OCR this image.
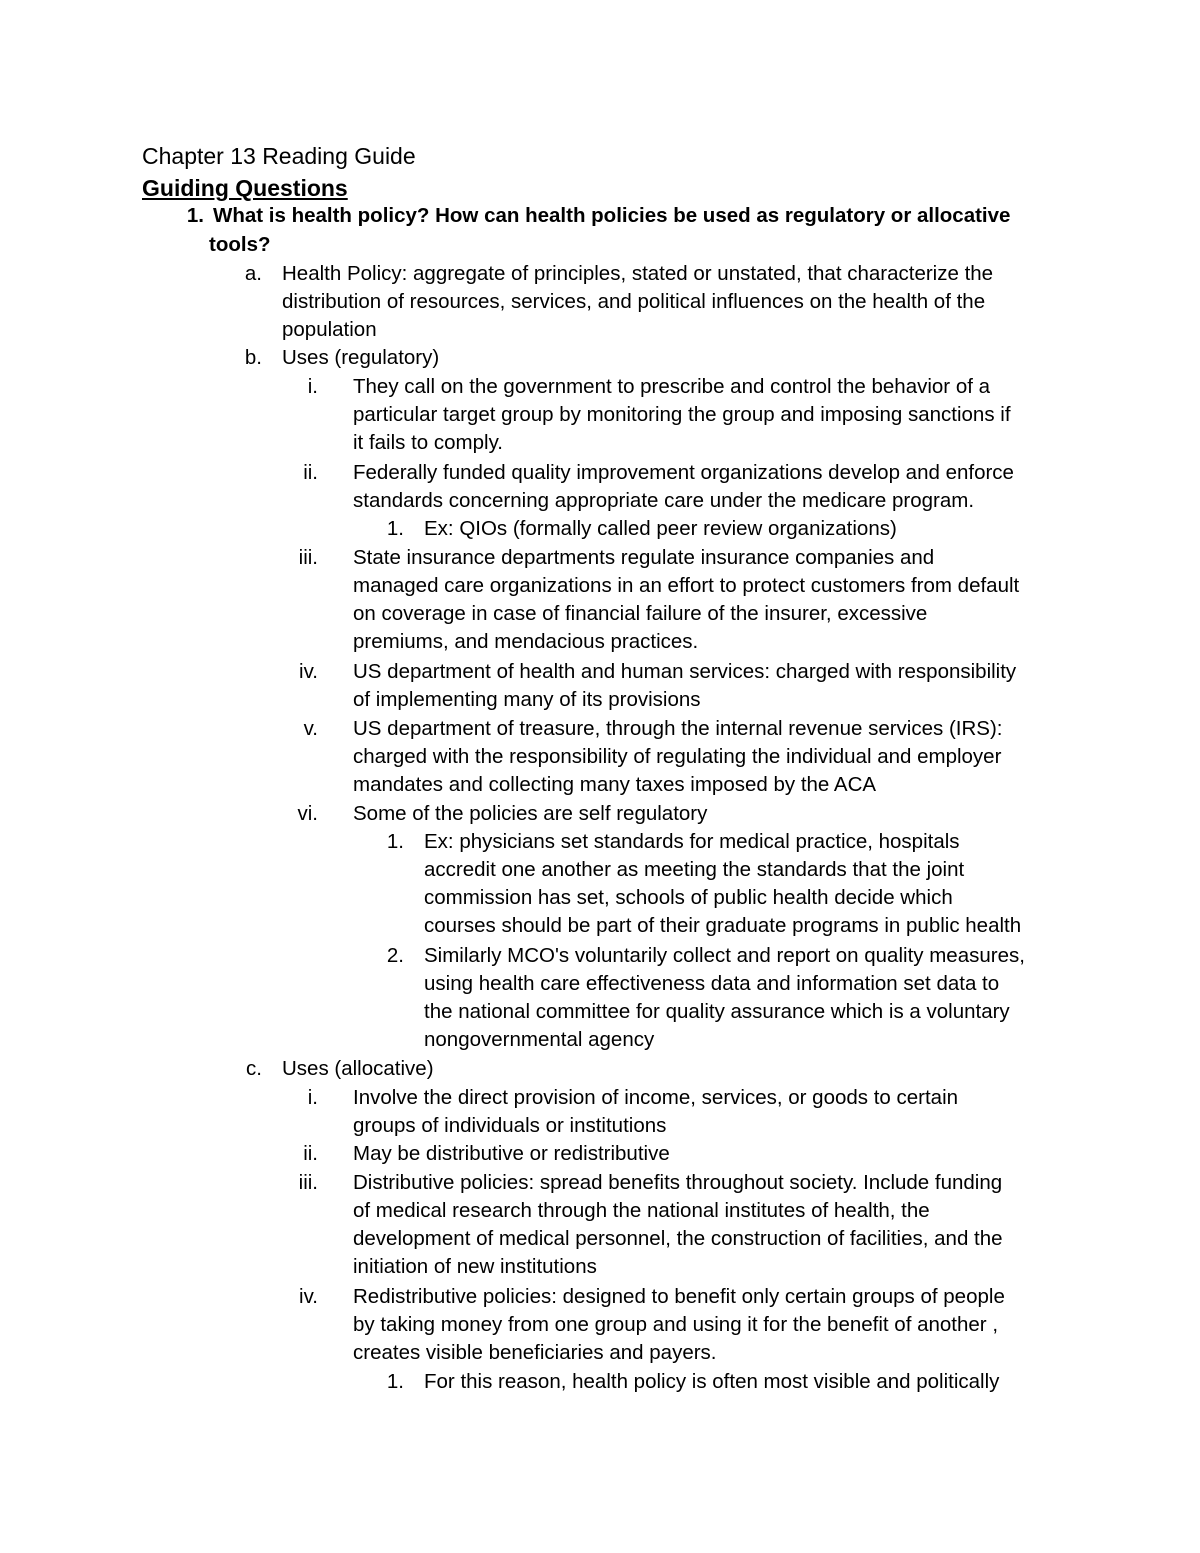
Chapter 13 Reading Guide
Guiding Questions
1. What is health policy? How can health policies be used as regulatory or allocative
tools?
a. Health Policy: aggregate of principles, stated or unstated, that characterize the
distribution of resources, services, and political influences on the health of the
population
b. Uses (regulatory)
i. They call on the government to prescribe and control the behavior of a
particular target group by monitoring the group and imposing sanctions if
it fails to comply.
ii. Federally funded quality improvement organizations develop and enforce
standards concerning appropriate care under the medicare program.
1. Ex: QIOs (formally called peer review organizations)
iii. State insurance departments regulate insurance companies and
managed care organizations in an effort to protect customers from default
on coverage in case of financial failure of the insurer, excessive
premiums, and mendacious practices.
iv. US department of health and human services: charged with responsibility
of implementing many of its provisions
v. US department of treasure, through the internal revenue services (IRS):
charged with the responsibility of regulating the individual and employer
mandates and collecting many taxes imposed by the ACA
vi. Some of the policies are self regulatory
1. Ex: physicians set standards for medical practice, hospitals
accredit one another as meeting the standards that the joint
commission has set, schools of public health decide which
courses should be part of their graduate programs in public health
2. Similarly MCO's voluntarily collect and report on quality measures,
using health care effectiveness data and information set data to
the national committee for quality assurance which is a voluntary
nongovernmental agency
c. Uses (allocative)
i. Involve the direct provision of income, services, or goods to certain
groups of individuals or institutions
ii. May be distributive or redistributive
iii. Distributive policies: spread benefits throughout society. Include funding
of medical research through the national institutes of health, the
development of medical personnel, the construction of facilities, and the
initiation of new institutions
iv. Redistributive policies: designed to benefit only certain groups of people
by taking money from one group and using it for the benefit of another ,
creates visible beneficiaries and payers.
1. For this reason, health policy is often most visible and politically
